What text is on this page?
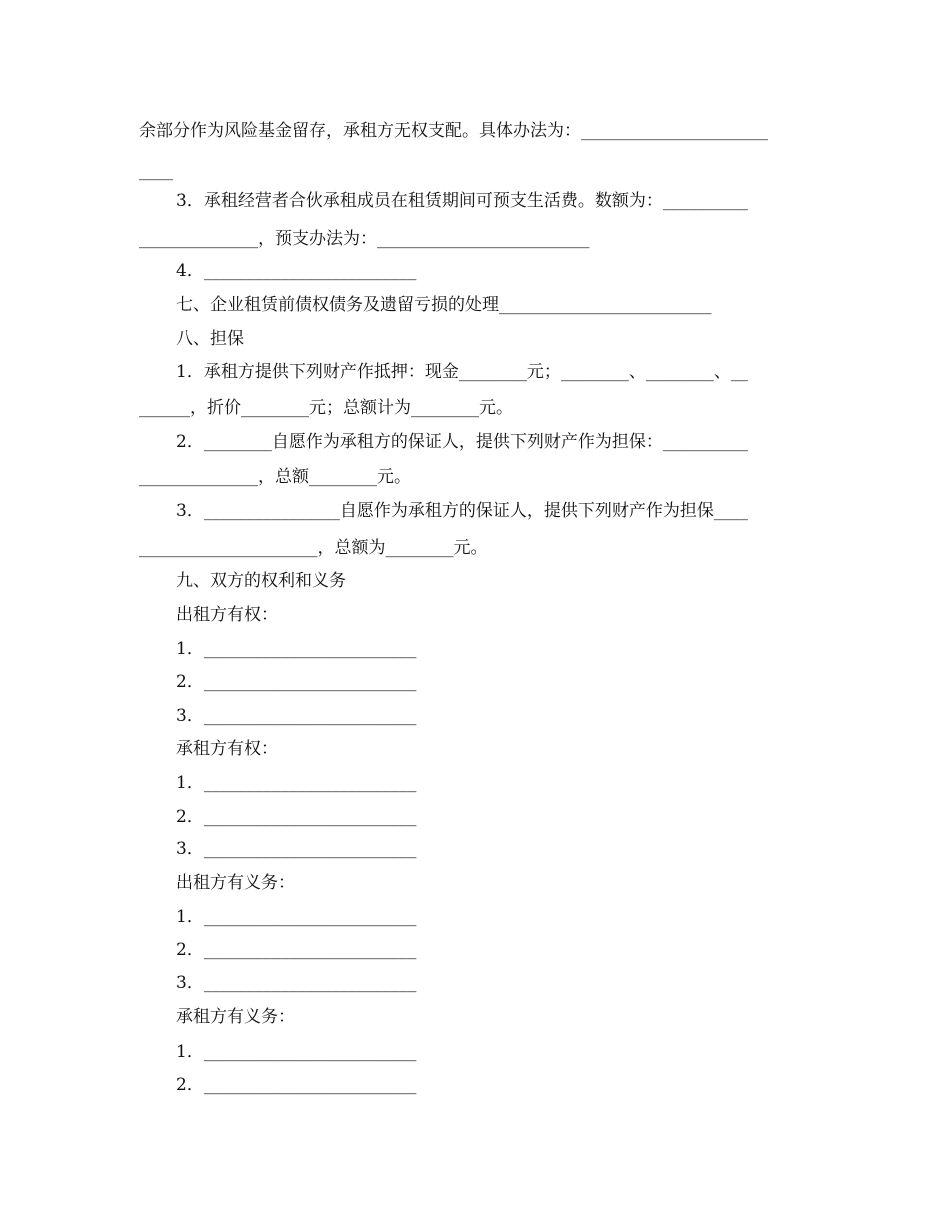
余部分作为风险基金留存，承租方无权支配。具体办法为：______________________
____
3．承租经营者合伙承租成员在租赁期间可预支生活费。数额为：__________
______________，预支办法为：_________________________
4．_________________________
七、企业租赁前债权债务及遗留亏损的处理_________________________
八、担保
1．承租方提供下列财产作抵押：现金________元；________、________、__
______，折价________元；总额计为________元。
2．________自愿作为承租方的保证人，提供下列财产作为担保：__________
______________，总额________元。
3．________________自愿作为承租方的保证人，提供下列财产作为担保____
_____________________，总额为________元。
九、双方的权利和义务
出租方有权：
1．_________________________
2．_________________________
3．_________________________
承租方有权：
1．_________________________
2．_________________________
3．_________________________
出租方有义务：
1．_________________________
2．_________________________
3．_________________________
承租方有义务：
1．_________________________
2．_________________________
